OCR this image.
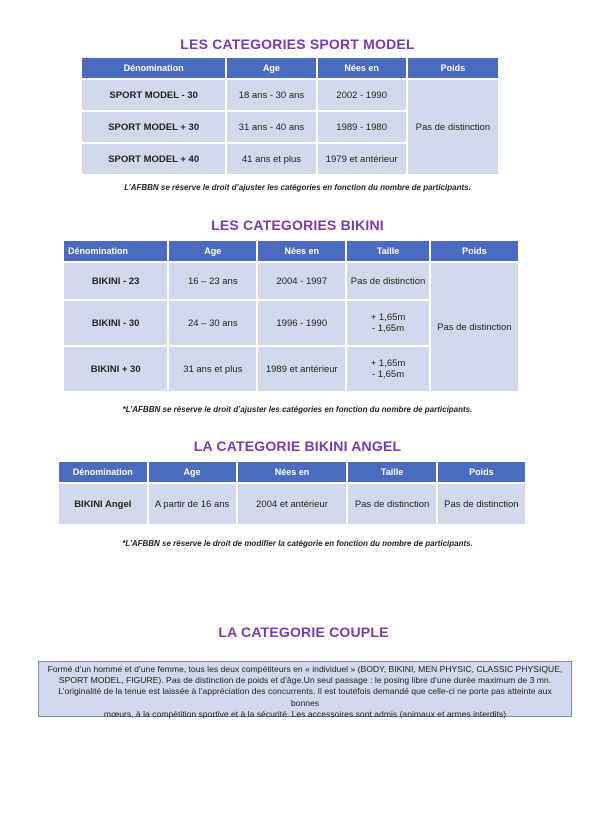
LES CATEGORIES SPORT MODEL
Dénomination	Age	Nées en	Poids
SPORT MODEL - 30	18 ans - 30 ans	2002 - 1990	Pas de distinction
SPORT MODEL + 30	31 ans - 40 ans	1989 - 1980	
SPORT MODEL + 40	41 ans et plus	1979 et antérieur	
L’AFBBN se réserve le droit d’ajuster les catégories en fonction du nombre de participants.
LES CATEGORIES BIKINI
Dénomination	Age	Nées en	Taille	Poids
BIKINI - 23	16 – 23 ans	2004 - 1997	Pas de distinction	Pas de distinction
BIKINI - 30	24 – 30 ans	1996 - 1990	+ 1,65m
- 1,65m	

BIKINI + 30	31 ans et plus	1989 et antérieur	+ 1,65m
- 1,65m	
*L’AFBBN se réserve le droit d’ajuster les catégories en fonction du nombre de participants.
LA CATEGORIE BIKINI ANGEL
Dénomination	Age	Nées en	Taille	Poids
BIKINI Angel	A partir de 16 ans	2004 et antérieur	Pas de distinction	Pas de distinction
*L’AFBBN se réserve le droit de modifier la catégorie en fonction du nombre de participants.
LA CATEGORIE COUPLE
Formé d’un homme et d’une femme, tous les deux compétiteurs en « individuel » (BODY, BIKINI, MEN PHYSIC, CLASSIC PHYSIQUE,
SPORT MODEL, FIGURE). Pas de distinction de poids et d’âge.Un seul passage : le posing libre d’une durée maximum de 3 mn.
L’originalité de la tenue est laissée à l’appréciation des concurrents. Il est toutefois demandé que celle-ci ne porte pas atteinte aux bonnes
mœurs, à la compétition sportive et à la sécurité. Les accessoires sont admis (animaux et armes interdits)
